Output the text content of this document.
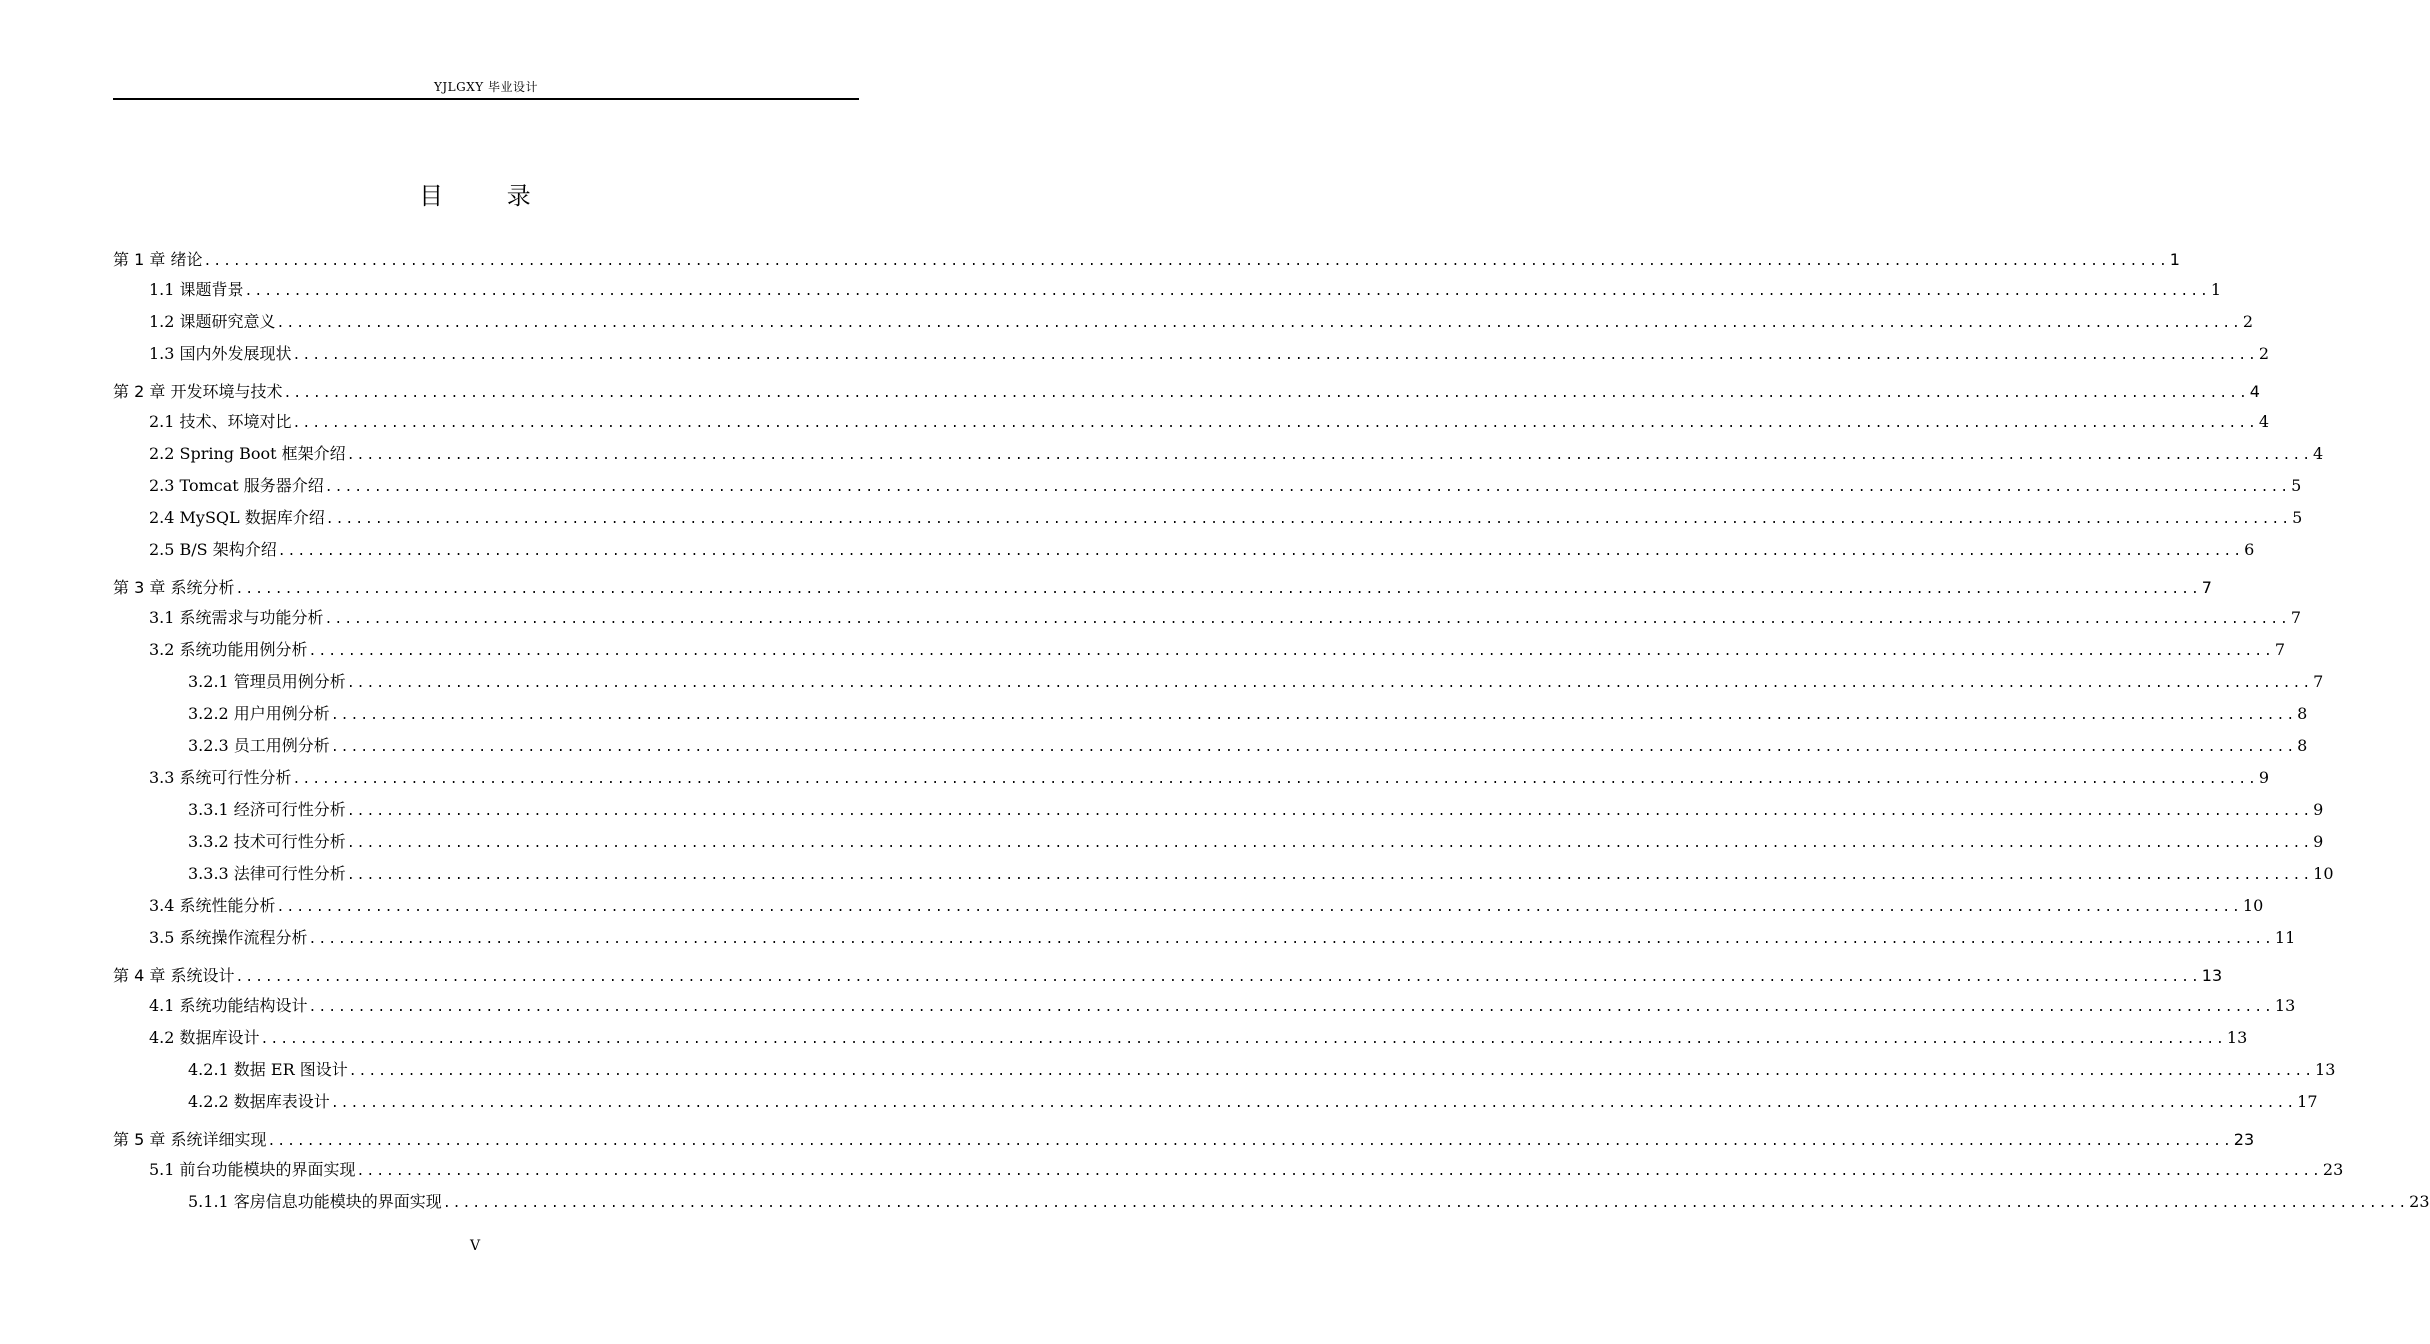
YJLGXY 毕业设计
目 录
第 1 章 绪论 ........................................................................................................................................................................................................ 1
1.1 课题背景 ........................................................................................................................................................................................................ 1
1.2 课题研究意义 ........................................................................................................................................................................................................ 2
1.3 国内外发展现状 ........................................................................................................................................................................................................ 2
第 2 章 开发环境与技术 ........................................................................................................................................................................................................ 4
2.1 技术、环境对比 ........................................................................................................................................................................................................ 4
2.2 Spring Boot 框架介绍 ........................................................................................................................................................................................................ 4
2.3 Tomcat 服务器介绍 ........................................................................................................................................................................................................ 5
2.4 MySQL 数据库介绍 ........................................................................................................................................................................................................ 5
2.5 B/S 架构介绍 ........................................................................................................................................................................................................ 6
第 3 章 系统分析 ........................................................................................................................................................................................................ 7
3.1 系统需求与功能分析 ........................................................................................................................................................................................................ 7
3.2 系统功能用例分析 ........................................................................................................................................................................................................ 7
3.2.1 管理员用例分析 ........................................................................................................................................................................................................ 7
3.2.2 用户用例分析 ........................................................................................................................................................................................................ 8
3.2.3 员工用例分析 ........................................................................................................................................................................................................ 8
3.3 系统可行性分析 ........................................................................................................................................................................................................ 9
3.3.1 经济可行性分析 ........................................................................................................................................................................................................ 9
3.3.2 技术可行性分析 ........................................................................................................................................................................................................ 9
3.3.3 法律可行性分析 ........................................................................................................................................................................................................ 10
3.4 系统性能分析 ........................................................................................................................................................................................................ 10
3.5 系统操作流程分析 ........................................................................................................................................................................................................ 11
第 4 章 系统设计 ........................................................................................................................................................................................................ 13
4.1 系统功能结构设计 ........................................................................................................................................................................................................ 13
4.2 数据库设计 ........................................................................................................................................................................................................ 13
4.2.1 数据 ER 图设计 ........................................................................................................................................................................................................ 13
4.2.2 数据库表设计 ........................................................................................................................................................................................................ 17
第 5 章 系统详细实现 ........................................................................................................................................................................................................ 23
5.1 前台功能模块的界面实现 ........................................................................................................................................................................................................ 23
5.1.1 客房信息功能模块的界面实现 ........................................................................................................................................................................................................ 23
V
